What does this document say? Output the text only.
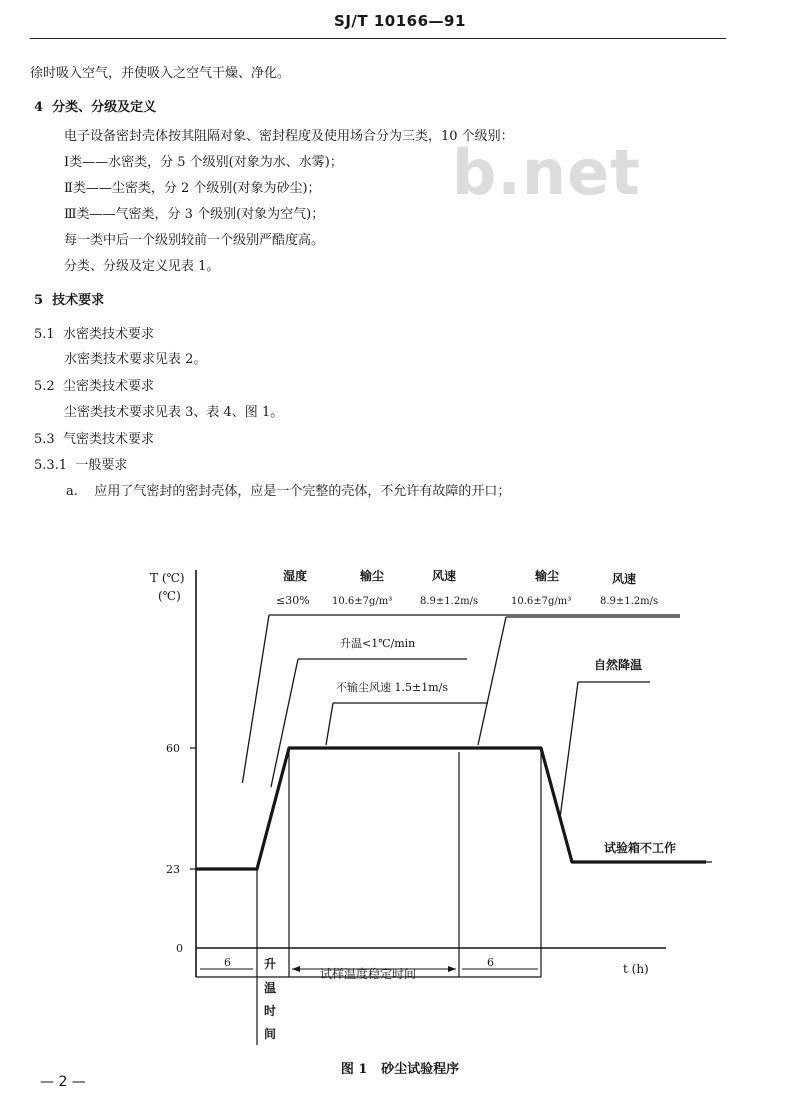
SJ/T 10166—91
b.net
徐时吸入空气，并使吸入之空气干燥、净化。
4 分类、分级及定义
电子设备密封壳体按其阻隔对象、密封程度及使用场合分为三类，10 个级别：
Ⅰ类——水密类，分 5 个级别(对象为水、水雾)；
Ⅱ类——尘密类，分 2 个级别(对象为砂尘)；
Ⅲ类——气密类，分 3 个级别(对象为空气)；
每一类中后一个级别较前一个级别严酷度高。
分类、分级及定义见表 1。
5 技术要求
5.1 水密类技术要求
水密类技术要求见表 2。
5.2 尘密类技术要求
尘密类技术要求见表 3、表 4、图 1。
5.3 气密类技术要求
5.3.1 一般要求
a. 应用了气密封的密封壳体，应是一个完整的壳体，不允许有故障的开口；
T (℃)
(℃)
60
23
0
t (h)
湿度	输尘	风速	输尘	风速
≤30% 10.6±7g/m³	8.9±1.2m/s	10.6±7g/m³	8.9±1.2m/s
升温<1℃/min
不输尘风速 1.5±1m/s
自然降温
试验箱不工作
6	升
温
时
间
试样温度稳定时间
6
图 1 砂尘试验程序
— 2 —
